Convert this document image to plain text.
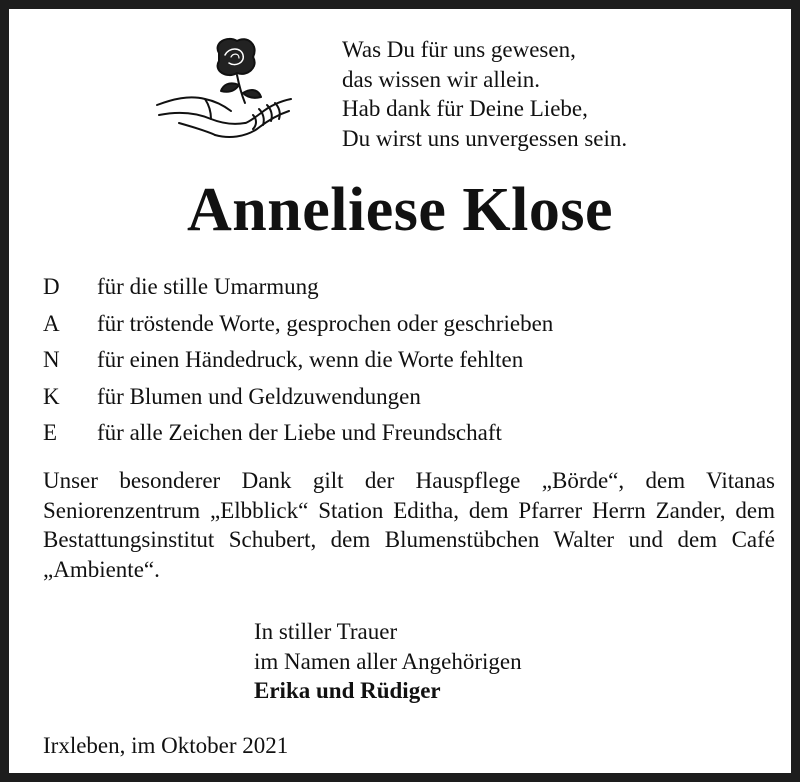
Was Du für uns gewesen,
das wissen wir allein.
Hab dank für Deine Liebe,
Du wirst uns unvergessen sein.
Anneliese Klose
D für die stille Umarmung
A für tröstende Worte, gesprochen oder geschrieben
N für einen Händedruck, wenn die Worte fehlten
K für Blumen und Geldzuwendungen
E für alle Zeichen der Liebe und Freundschaft

Unser besonderer Dank gilt der Hauspflege „Börde“, dem Vitanas Seniorenzentrum „Elbblick“ Station Editha, dem Pfarrer Herrn Zander, dem Bestattungsinstitut Schubert, dem Blumenstübchen Walter und dem Café „Ambiente“.

In stiller Trauer
im Namen aller Angehörigen
Erika und Rüdiger
Irxleben, im Oktober 2021
